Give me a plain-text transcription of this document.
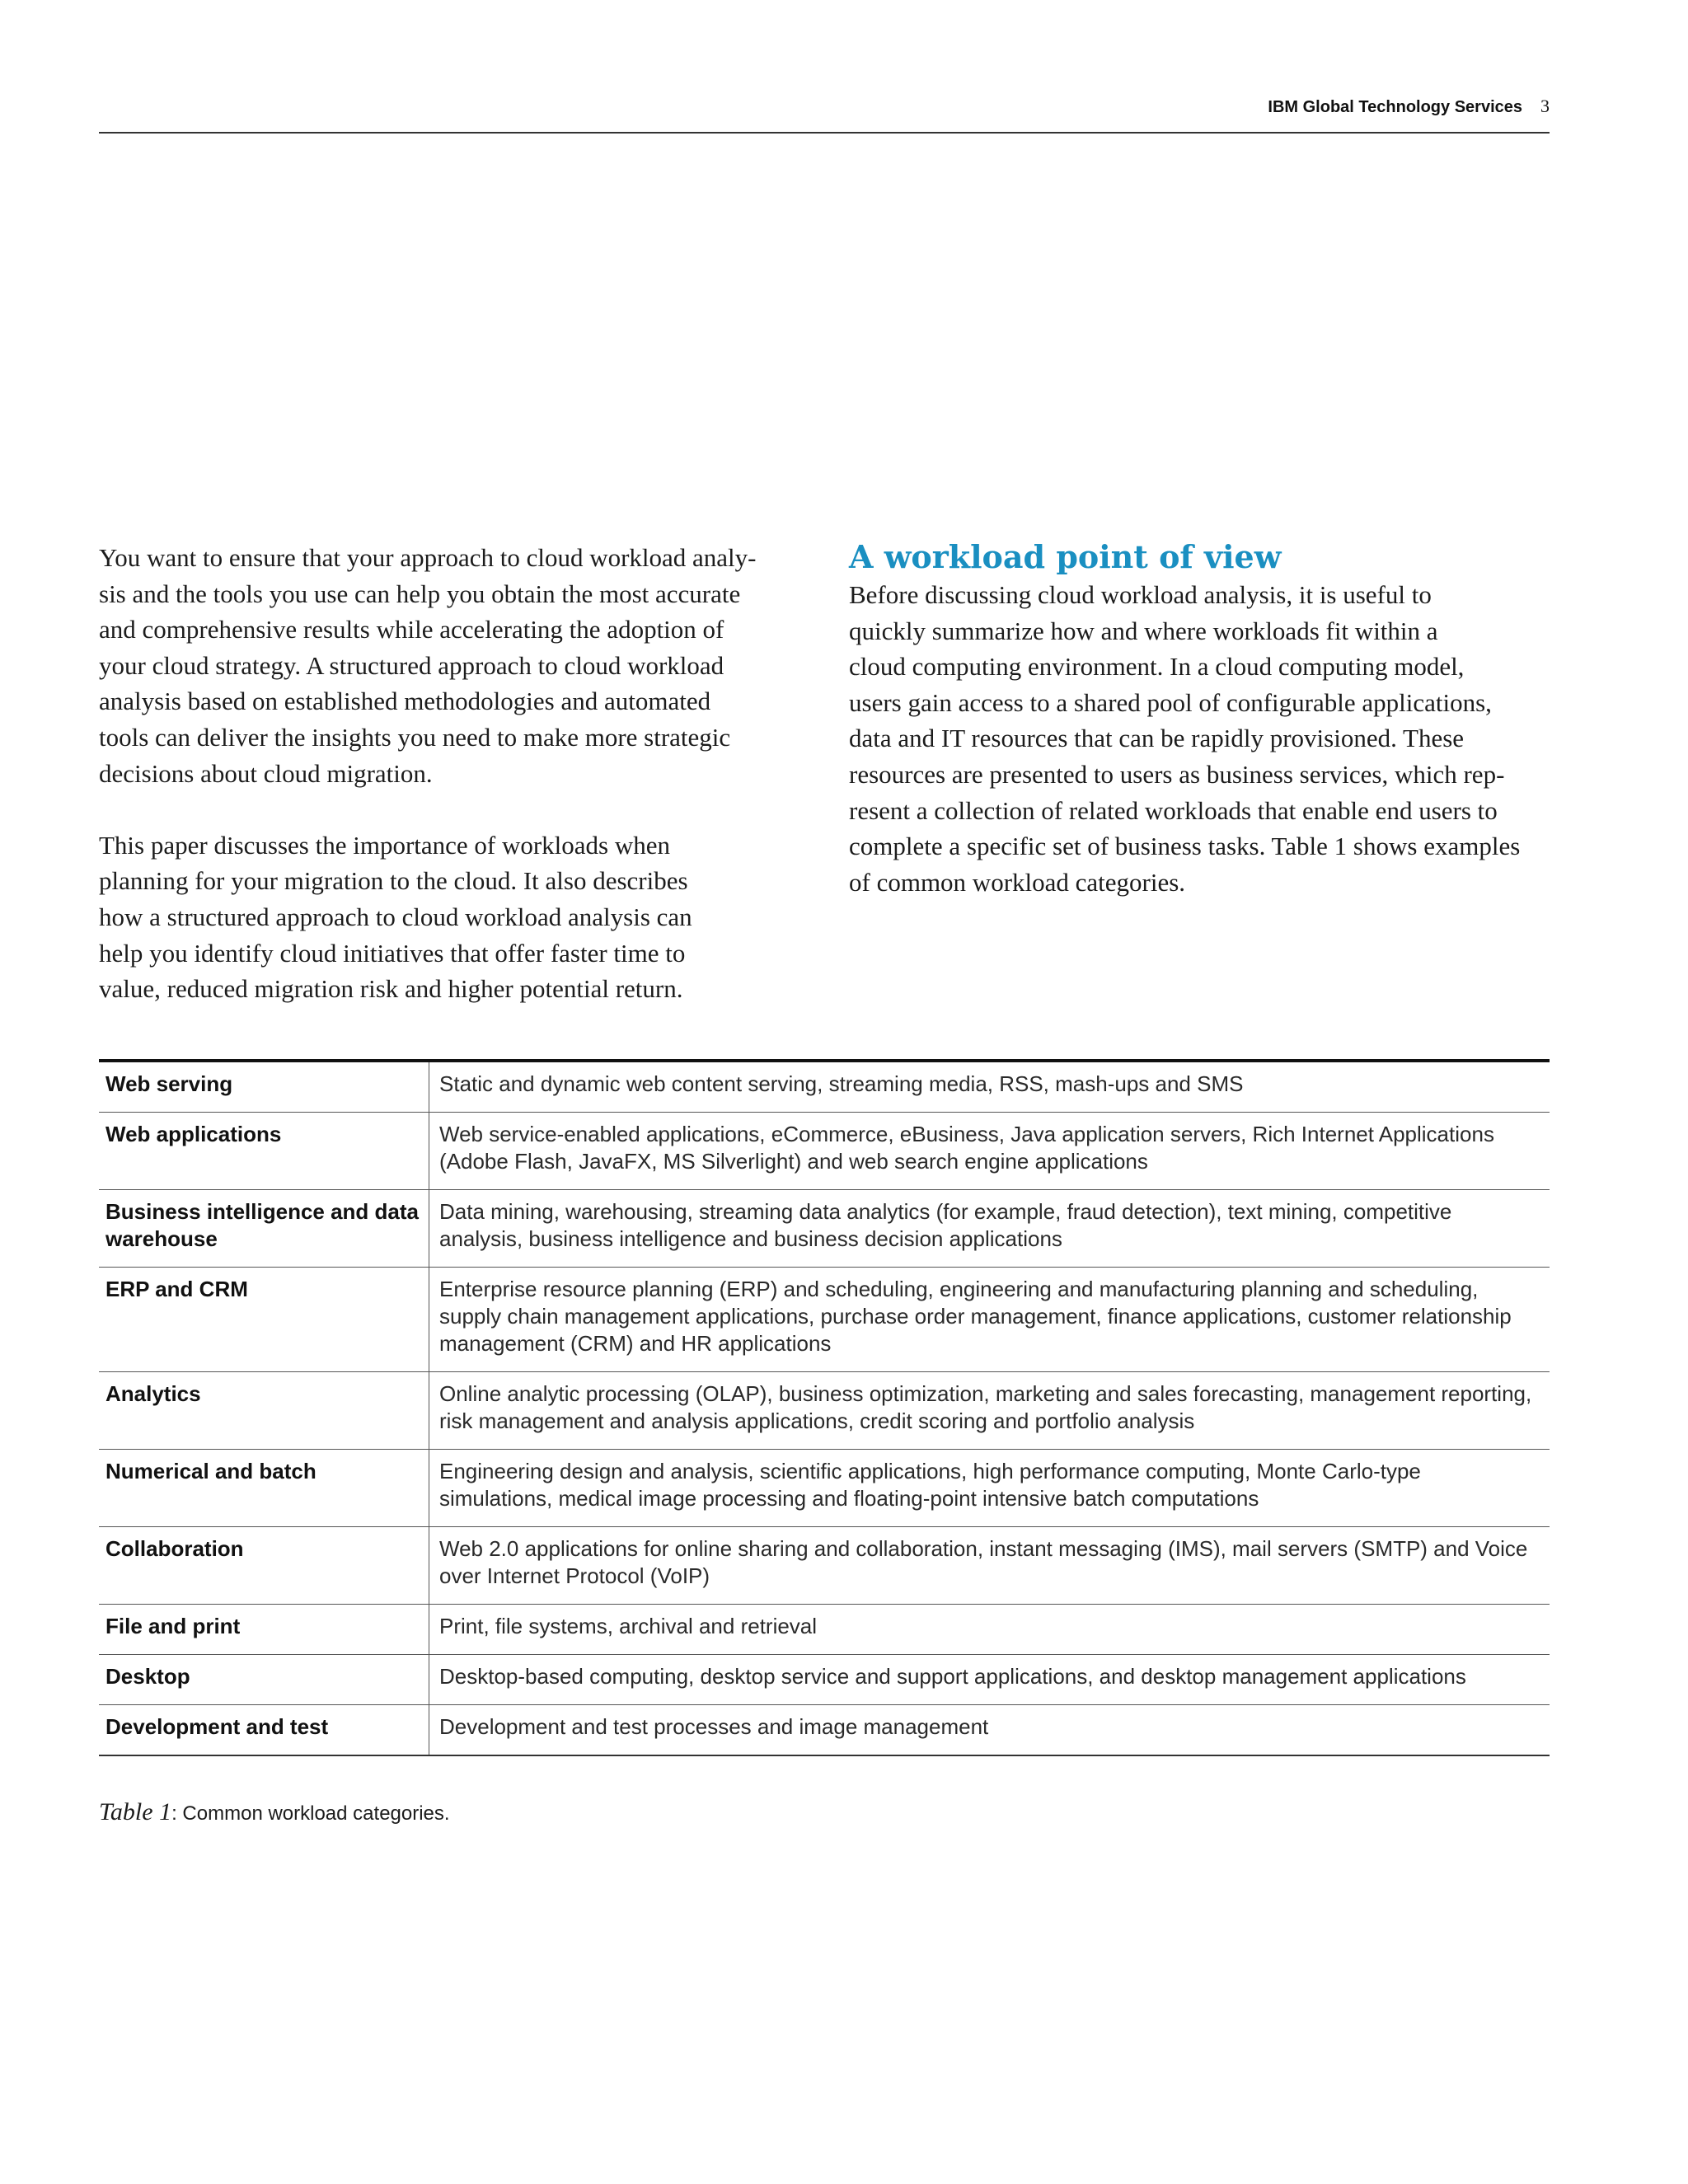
IBM Global Technology Services 3

You want to ensure that your approach to cloud workload analy-
sis and the tools you use can help you obtain the most accurate
and comprehensive results while accelerating the adoption of
your cloud strategy. A structured approach to cloud workload
analysis based on established methodologies and automated
tools can deliver the insights you need to make more strategic
decisions about cloud migration.

This paper discusses the importance of workloads when
planning for your migration to the cloud. It also describes
how a structured approach to cloud workload analysis can
help you identify cloud initiatives that offer faster time to
value, reduced migration risk and higher potential return.

A workload point of view

Before discussing cloud workload analysis, it is useful to
quickly summarize how and where workloads fit within a
cloud computing environment. In a cloud computing model,
users gain access to a shared pool of configurable applications,
data and IT resources that can be rapidly provisioned. These
resources are presented to users as business services, which rep-
resent a collection of related workloads that enable end users to
complete a specific set of business tasks. Table 1 shows examples
of common workload categories.

Web serving	Static and dynamic web content serving, streaming media, RSS, mash-ups and SMS
Web applications	Web service-enabled applications, eCommerce, eBusiness, Java application servers, Rich Internet Applications (Adobe Flash, JavaFX, MS Silverlight) and web search engine applications
Business intelligence and data warehouse	Data mining, warehousing, streaming data analytics (for example, fraud detection), text mining, competitive analysis, business intelligence and business decision applications
ERP and CRM	Enterprise resource planning (ERP) and scheduling, engineering and manufacturing planning and scheduling, supply chain management applications, purchase order management, finance applications, customer relationship management (CRM) and HR applications
Analytics	Online analytic processing (OLAP), business optimization, marketing and sales forecasting, management reporting, risk management and analysis applications, credit scoring and portfolio analysis
Numerical and batch	Engineering design and analysis, scientific applications, high performance computing, Monte Carlo-type simulations, medical image processing and floating-point intensive batch computations
Collaboration	Web 2.0 applications for online sharing and collaboration, instant messaging (IMS), mail servers (SMTP) and Voice over Internet Protocol (VoIP)
File and print	Print, file systems, archival and retrieval
Desktop	Desktop-based computing, desktop service and support applications, and desktop management applications
Development and test	Development and test processes and image management
Table 1: Common workload categories.
